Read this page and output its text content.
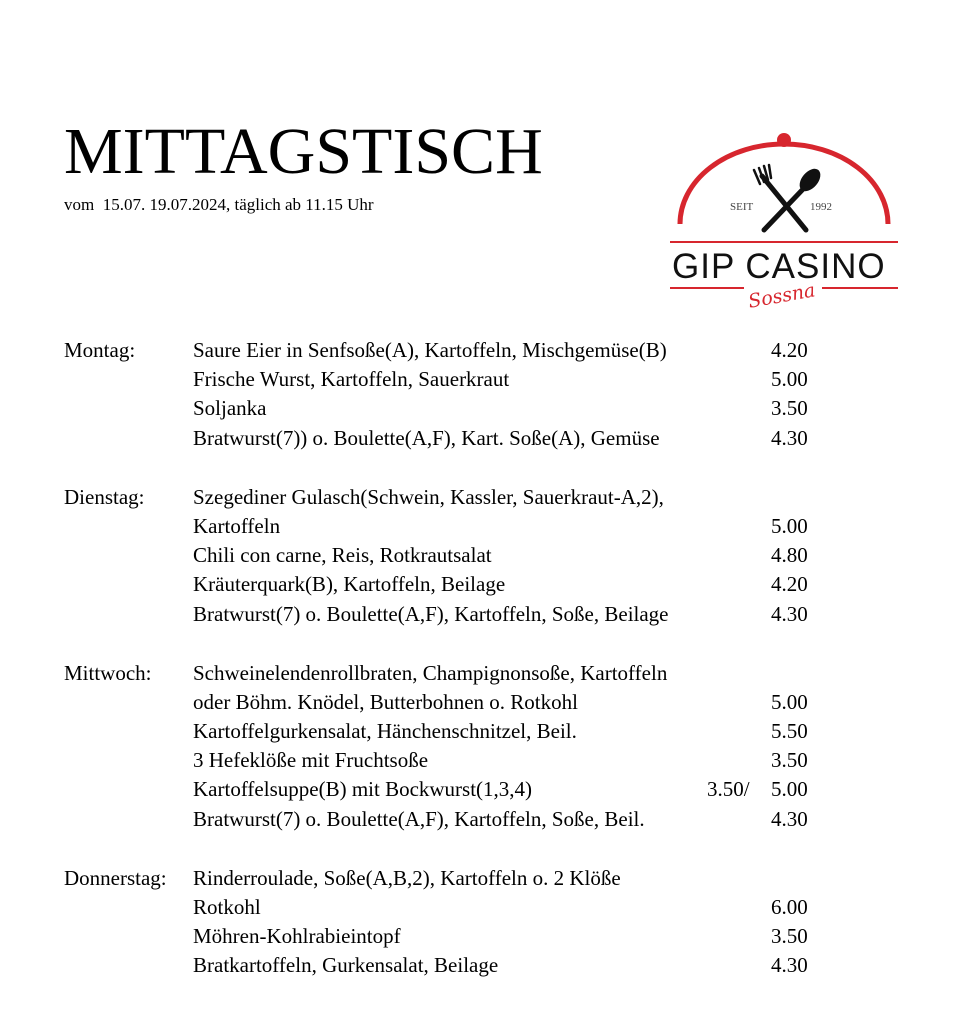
MITTAGSTISCH
vom  15.07. 19.07.2024, täglich ab 11.15 Uhr	SEIT	1992
GIP CASINO
Sossna
Montag:	Saure Eier in Senfsoße(A), Kartoffeln, Mischgemüse(B)	4.20
Frische Wurst, Kartoffeln, Sauerkraut	5.00
Soljanka	3.50
Bratwurst(7)) o. Boulette(A,F), Kart. Soße(A), Gemüse	4.30
Dienstag: Szegediner Gulasch(Schwein, Kassler, Sauerkraut-A,2),
Kartoffeln	5.00
Chili con carne, Reis, Rotkrautsalat	4.80
Kräuterquark(B), Kartoffeln, Beilage	4.20
Bratwurst(7) o. Boulette(A,F), Kartoffeln, Soße, Beilage	4.30
Mittwoch: Schweinelendenrollbraten, Champignonsoße, Kartoffeln
oder Böhm. Knödel, Butterbohnen o. Rotkohl	5.00
Kartoffelgurkensalat, Hänchenschnitzel, Beil.	5.50
3 Hefeklöße mit Fruchtsoße	3.50
Kartoffelsuppe(B) mit Bockwurst(1,3,4)	3.50/ 5.00
Bratwurst(7) o. Boulette(A,F), Kartoffeln, Soße, Beil.	4.30
Donnerstag: Rinderroulade, Soße(A,B,2), Kartoffeln o. 2 Klöße
Rotkohl	6.00
Möhren-Kohlrabieintopf	3.50
Bratkartoffeln, Gurkensalat, Beilage	4.30
